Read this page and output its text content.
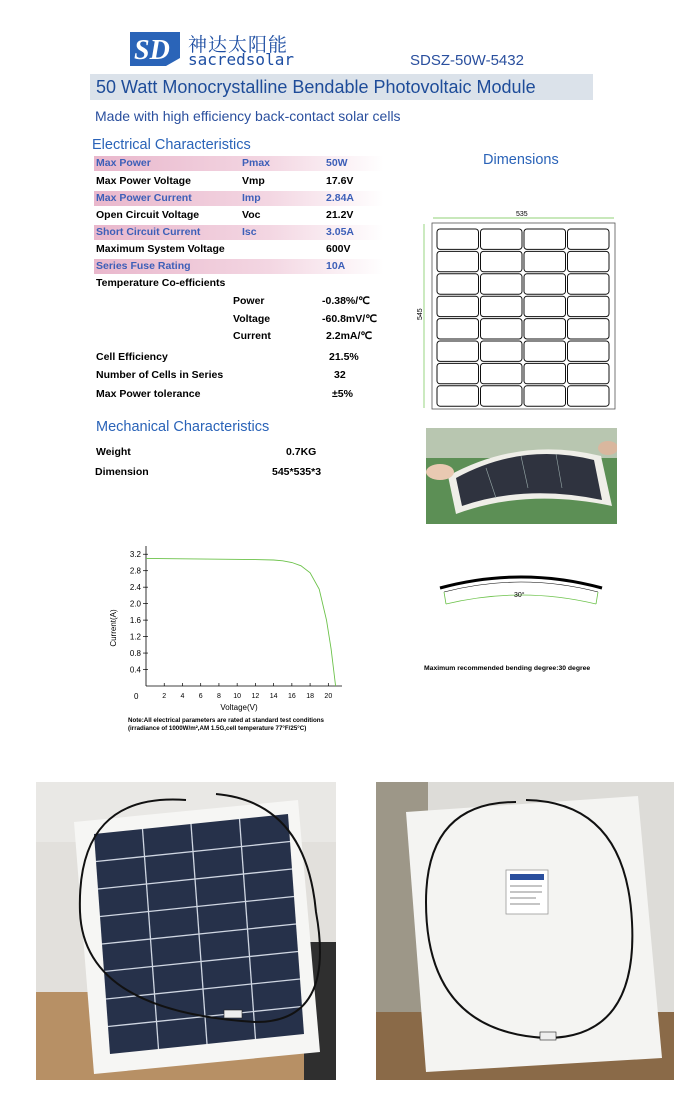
SD 神达太阳能
sacredsolar	SDSZ-50W-5432
50 Watt Monocrystalline Bendable Photovoltaic Module
Made with high efficiency back-contact solar cells
Electrical Characteristics
Max Power	Pmax	50W
Max Power Voltage	Vmp	17.6V
Max Power Current	Imp	2.84A
Open Circuit Voltage	Voc	21.2V
Short Circuit Current	Isc	3.05A
Maximum System Voltage	600V
Series Fuse Rating	10A
Temperature Co-efficients
Power	-0.38%/℃
Voltage	-60.8mV/℃
Current	2.2mA/℃
Cell Efficiency	21.5%
Number of Cells in Series	32
Max Power tolerance	±5%
Mechanical Characteristics
Weight	0.7KG
Dimension	545*535*3
Dimensions
535
545
30°
Maximum recommended bending degree:30 degree
Current(A)
Voltage(V)
0
0.4
0.8
1.2
1.6
2.0
2.4
2.8
3.2
2 4 6 8 10 12 14 16 18 20
Note:All electrical parameters are rated at standard test conditions
(irradiance of 1000W/m²,AM 1.5G,cell temperature 77°F/25°C)
